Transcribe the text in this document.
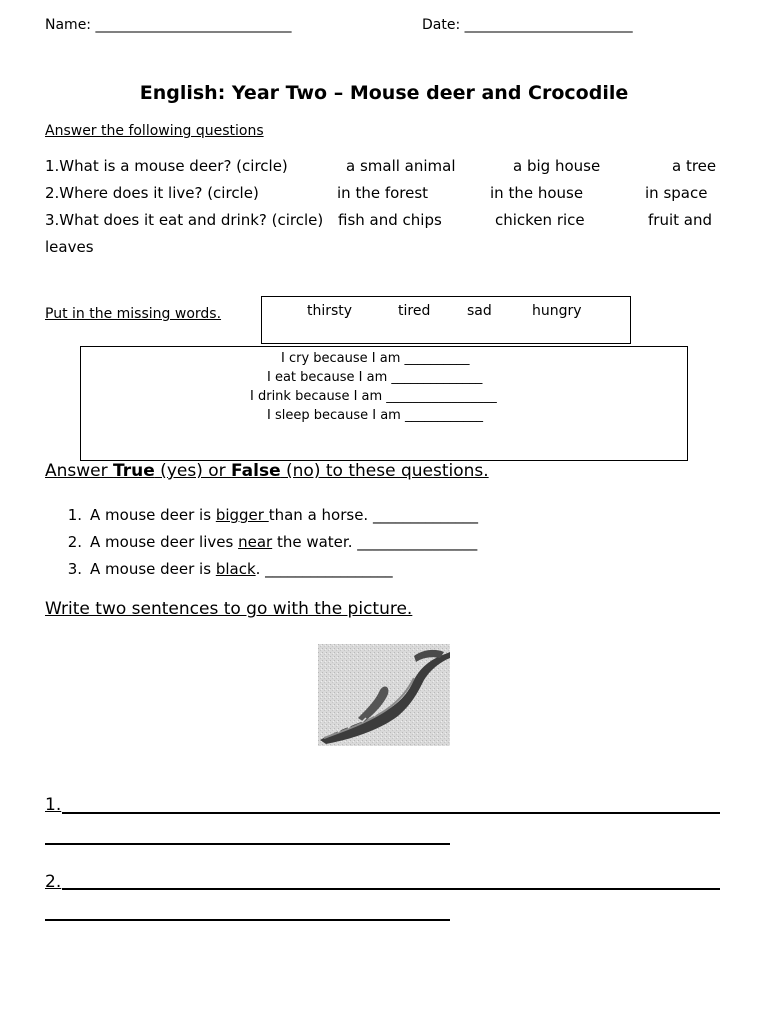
Name: ____________________________	Date: ________________________
English: Year Two – Mouse deer and Crocodile
Answer the following questions
1.What is a mouse deer? (circle)	a small animal	a big house	a tree
2.Where does it live? (circle)	in the forest	in the house	in space
3.What does it eat and drink? (circle) fish and chips	chicken rice	fruit and
leaves
Put in the missing words.	thirsty	tired	sad	hungry
I cry because I am __________
I eat because I am ______________
I drink because I am _________________
I sleep because I am ____________
Answer True (yes) or False (no) to these questions.
1. A mouse deer is bigger than a horse. ______________
2. A mouse deer lives near the water. ________________
3. A mouse deer is black. _________________
Write two sentences to go with the picture.
1.
2.
